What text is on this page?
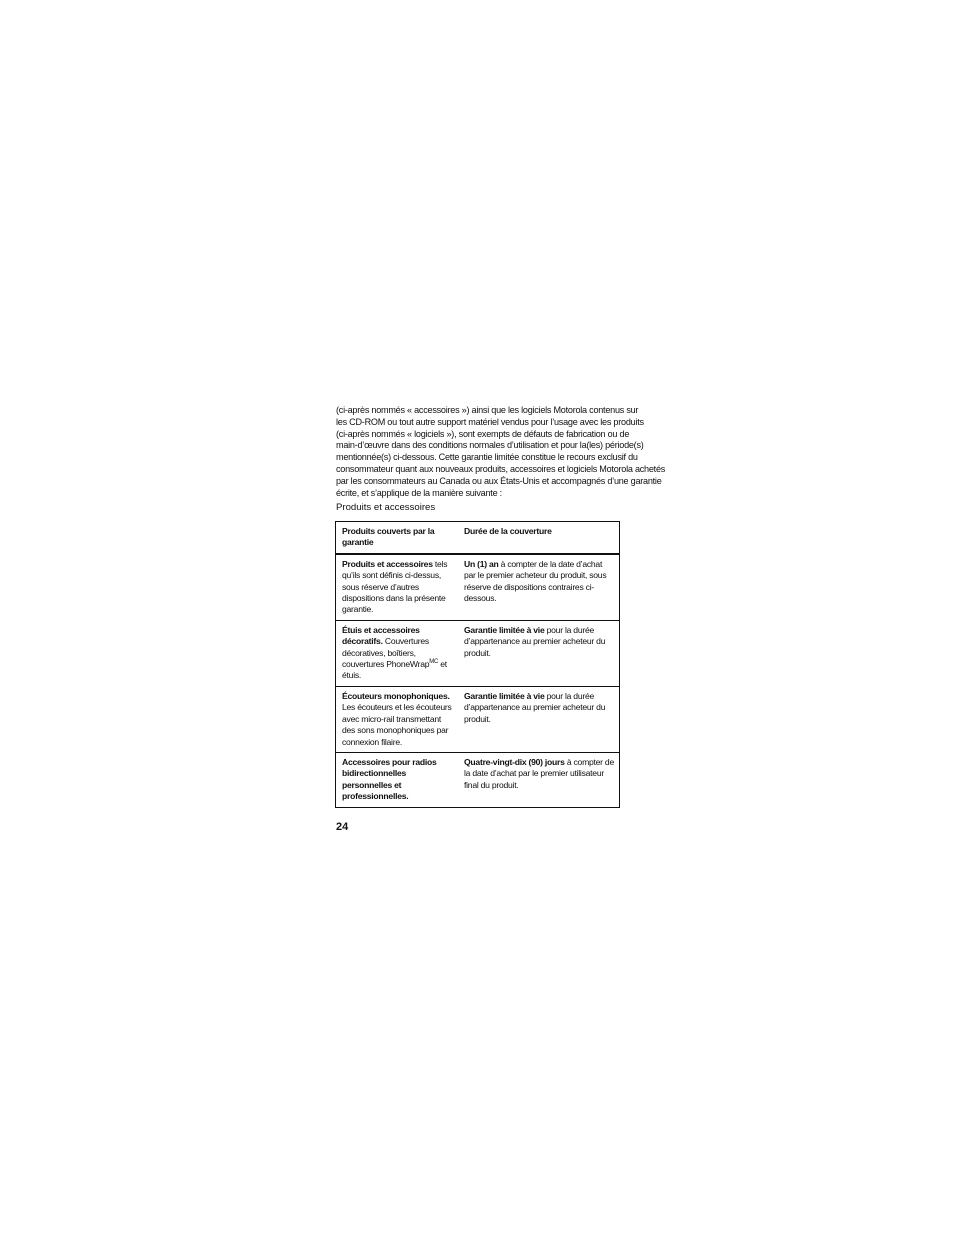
(ci-après nommés « accessoires ») ainsi que les logiciels Motorola contenus sur
les CD-ROM ou tout autre support matériel vendus pour l’usage avec les produits
(ci-après nommés « logiciels »), sont exempts de défauts de fabrication ou de
main-d’œuvre dans des conditions normales d’utilisation et pour la(les) période(s)
mentionnée(s) ci-dessous. Cette garantie limitée constitue le recours exclusif du
consommateur quant aux nouveaux produits, accessoires et logiciels Motorola achetés
par les consommateurs au Canada ou aux États-Unis et accompagnés d’une garantie
écrite, et s’applique de la manière suivante :

Produits et accessoires

Produits couverts par la garantie	Durée de la couverture
Produits et accessoires tels qu’ils sont définis ci-dessus, sous réserve d’autres dispositions dans la présente garantie.	Un (1) an à compter de la date d’achat par le premier acheteur du produit, sous réserve de dispositions contraires ci-dessous.
Étuis et accessoires décoratifs. Couvertures décoratives, boîtiers, couvertures PhoneWrap$^{MC}$ et étuis.	Garantie limitée à vie pour la durée d’appartenance au premier acheteur du produit.
Écouteurs monophoniques. Les écouteurs et les écouteurs avec micro-rail transmettant des sons monophoniques par connexion filaire.	Garantie limitée à vie pour la durée d’appartenance au premier acheteur du produit.
Accessoires pour radios bidirectionnelles personnelles et professionnelles.	Quatre-vingt-dix (90) jours à compter de la date d’achat par le premier utilisateur final du produit.

24
